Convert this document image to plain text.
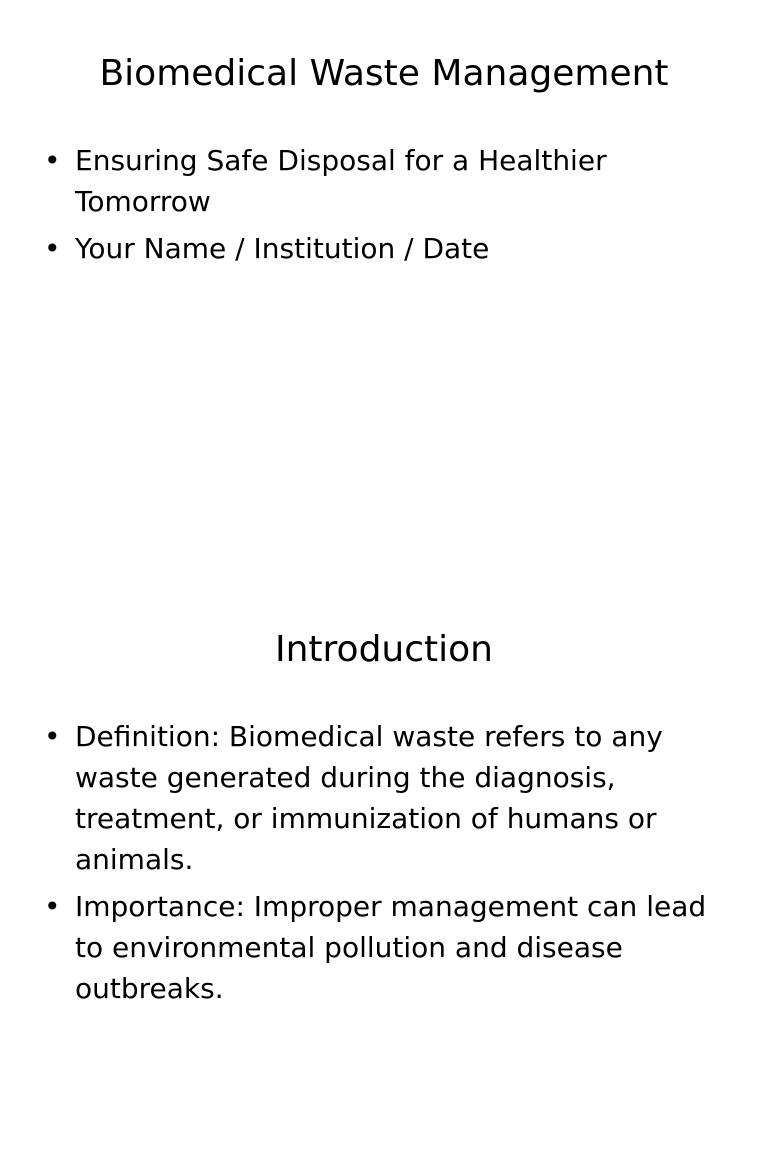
Biomedical Waste Management
• Ensuring Safe Disposal for a Healthier Tomorrow
• Your Name / Institution / Date
Introduction
• Definition: Biomedical waste refers to any waste generated during the diagnosis, treatment, or immunization of humans or animals.
• Importance: Improper management can lead to environmental pollution and disease outbreaks.
